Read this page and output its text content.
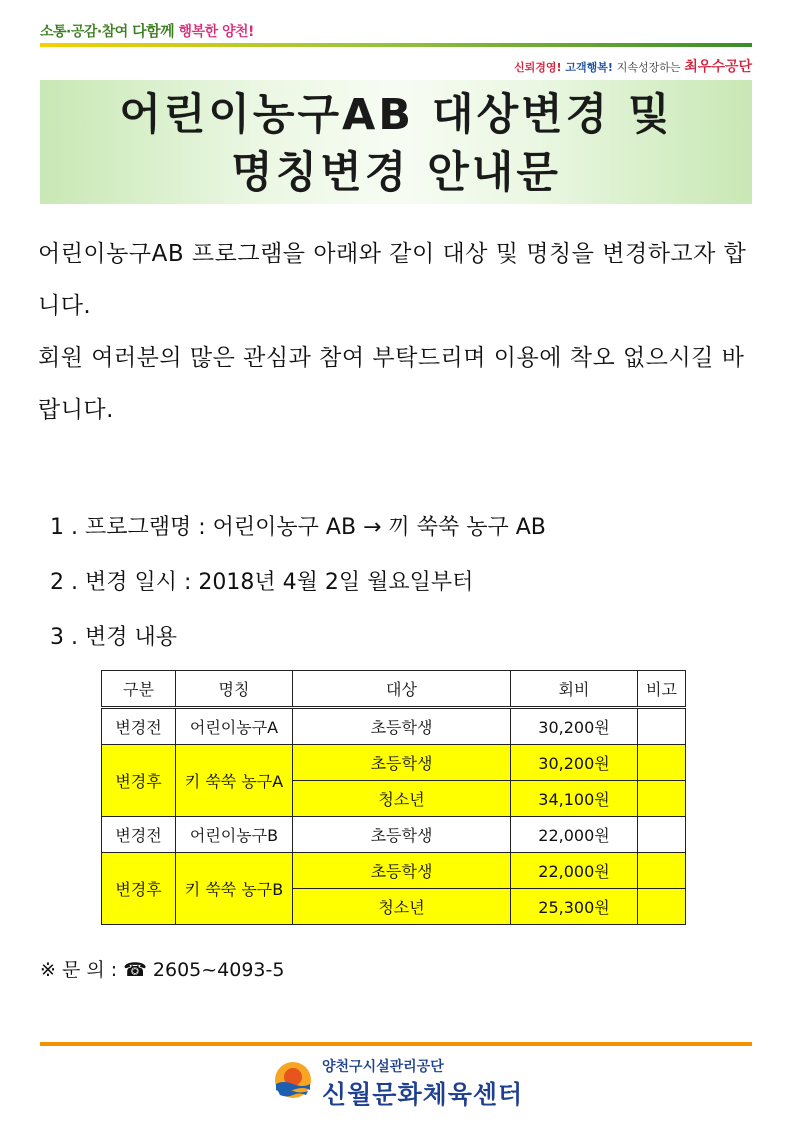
소통·공감·참여 다함께 행복한 양천!
신뢰경영! 고객행복! 지속성장하는 최우수공단
어린이농구AB 대상변경 및
명칭변경 안내문

어린이농구AB 프로그램을 아래와 같이 대상 및 명칭을 변경하고자 합니다.

회원 여러분의 많은 관심과 참여 부탁드리며 이용에 착오 없으시길 바랍니다.

1 . 프로그램명 : 어린이농구 AB → 끼 쑥쑥 농구 AB
2 . 변경 일시 : 2018년 4월 2일 월요일부터
3 . 변경 내용
구분	명칭	대상	회비	비고
변경전	어린이농구A	초등학생	30,200원	
변경후	키 쑥쑥 농구A	초등학생	30,200원	
		청소년	34,100원	
변경전	어린이농구B	초등학생	22,000원	
변경후	키 쑥쑥 농구B	초등학생	22,000원	
		청소년	25,300원	
※ 문 의 : ☎ 2605~4093-5
양천구시설관리공단
신월문화체육센터
